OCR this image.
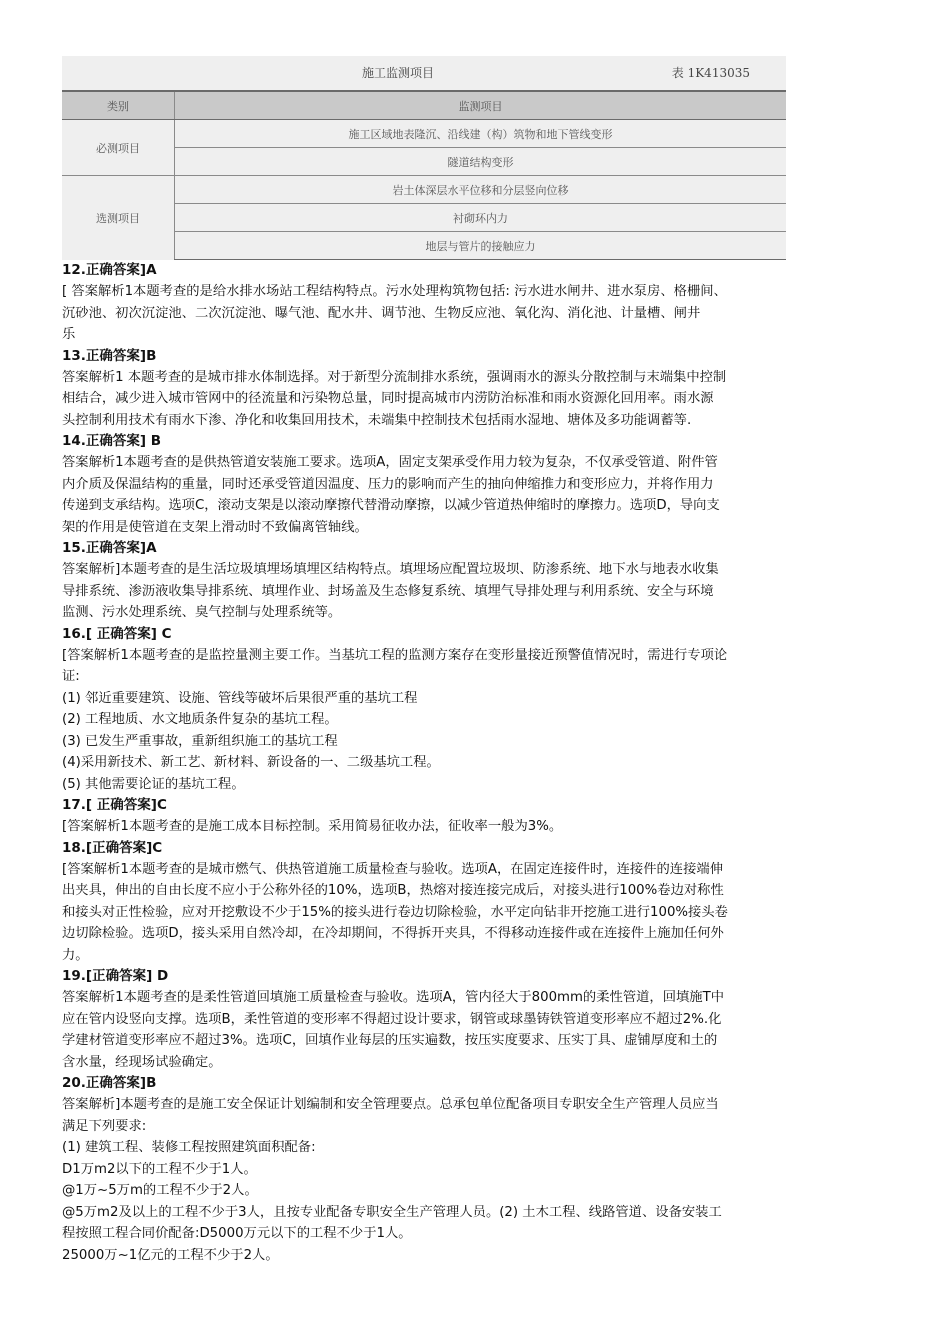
施工监测项目	表 1K413035
类别	监测项目
必测项目	施工区域地表隆沉、沿线建（构）筑物和地下管线变形
	隧道结构变形
选测项目	岩土体深层水平位移和分层竖向位移
	衬砌环内力
	地层与管片的接触应力

12.正确答案]A

[ 答案解析1本题考查的是给水排水场站工程结构特点。污水处理构筑物包括: 污水进水闸井、进水泵房、格栅间、

沉砂池、初次沉淀池、二次沉淀池、曝气池、配水井、调节池、生物反应池、氧化沟、消化池、计量槽、闸井

乐

13.正确答案]B

答案解析1 本题考查的是城市排水体制选择。对于新型分流制排水系统，强调雨水的源头分散控制与末端集中控制

相结合，减少进入城市管网中的径流量和污染物总量，同时提高城市内涝防治标准和雨水资源化回用率。雨水源

头控制利用技术有雨水下渗、净化和收集回用技术，未端集中控制技术包括雨水湿地、塘体及多功能调蓄等.

14.正确答案] B

答案解析1本题考查的是供热管道安装施工要求。选项A，固定支架承受作用力较为复杂，不仅承受管道、附件管

内介质及保温结构的重量，同时还承受管道因温度、压力的影响而产生的抽向伸缩推力和变形应力，并将作用力

传递到支承结构。选项C，滚动支架是以滚动摩擦代替滑动摩擦，以减少管道热伸缩时的摩擦力。选项D，导向支

架的作用是使管道在支架上滑动时不致偏离管轴线。

15.正确答案]A

答案解析]本题考查的是生活垃圾填埋场填埋区结构特点。填埋场应配置垃圾坝、防渗系统、地下水与地表水收集

导排系统、渗沥液收集导排系统、填埋作业、封场盖及生态修复系统、填埋气导排处理与利用系统、安全与环境

监测、污水处理系统、臭气控制与处理系统等。

16.[ 正确答案] C

[答案解析1本题考查的是监控量测主要工作。当基坑工程的监测方案存在变形量接近预警值情况时，需进行专项论

证:

(1) 邻近重要建筑、设施、管线等破坏后果很严重的基坑工程

(2) 工程地质、水文地质条件复杂的基坑工程。

(3) 已发生严重事故，重新组织施工的基坑工程

(4)采用新技术、新工艺、新材料、新设备的一、二级基坑工程。

(5) 其他需要论证的基坑工程。

17.[ 正确答案]C

[答案解析1本题考查的是施工成本目标控制。采用简易征收办法，征收率一般为3%。

18.[正确答案]C

[答案解析1本题考查的是城市燃气、供热管道施工质量检查与验收。选项A，在固定连接件时，连接件的连接端伸

出夹具，伸出的自由长度不应小于公称外径的10%，选项B，热熔对接连接完成后，对接头进行100%卷边对称性

和接头对正性检验，应对开挖敷设不少于15%的接头进行卷边切除检验，水平定向钻非开挖施工进行100%接头卷

边切除检验。选项D，接头采用自然冷却，在冷却期间，不得拆开夹具，不得移动连接件或在连接件上施加任何外

力。

19.[正确答案] D

答案解析1本题考查的是柔性管道回填施工质量检查与验收。选项A，管内径大于800mm的柔性管道，回填施T中

应在管内设竖向支撑。选项B，柔性管道的变形率不得超过设计要求，钢管或球墨铸铁管道变形率应不超过2%.化

学建材管道变形率应不超过3%。选项C，回填作业每层的压实遍数，按压实度要求、压实丁具、虚铺厚度和土的

含水量，经现场试验确定。

20.正确答案]B

答案解析]本题考查的是施工安全保证计划编制和安全管理要点。总承包单位配备项目专职安全生产管理人员应当

满足下列要求:

(1) 建筑工程、装修工程按照建筑面积配备:

D1万m2以下的工程不少于1人。

@1万~5万m的工程不少于2人。

@5万m2及以上的工程不少于3人，且按专业配备专职安全生产管理人员。(2) 土木工程、线路管道、设备安装工

程按照工程合同价配备:D5000万元以下的工程不少于1人。

25000万~1亿元的工程不少于2人。
